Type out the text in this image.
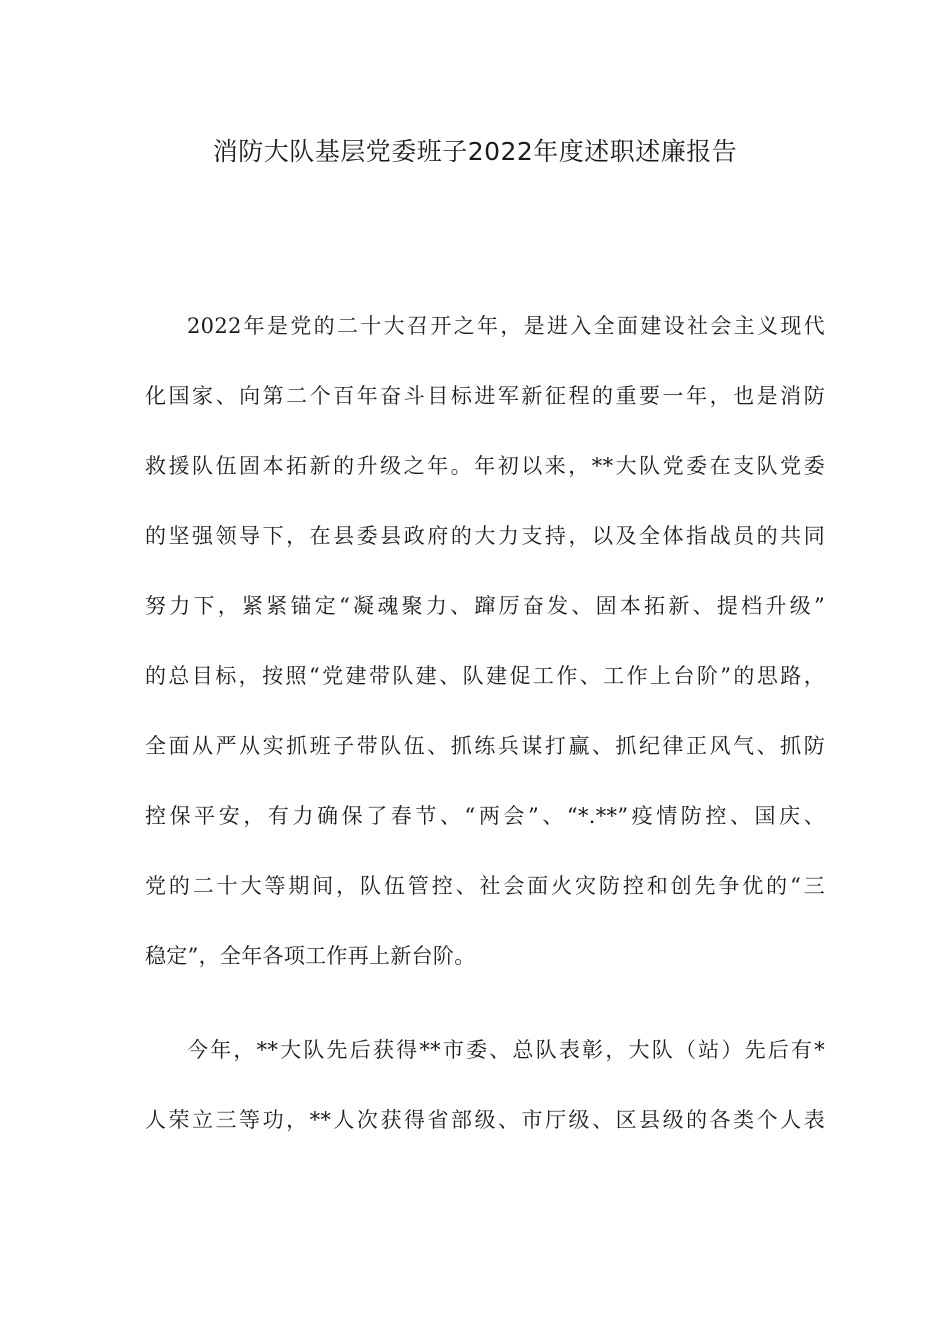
消防大队基层党委班子2022年度述职述廉报告
2022年是党的二十大召开之年，是进入全面建设社会主义现代
化国家、向第二个百年奋斗目标进军新征程的重要一年，也是消防
救援队伍固本拓新的升级之年。年初以来，**大队党委在支队党委
的坚强领导下，在县委县政府的大力支持，以及全体指战员的共同
努力下，紧紧锚定“凝魂聚力、蹿厉奋发、固本拓新、提档升级”
的总目标，按照“党建带队建、队建促工作、工作上台阶”的思路，
全面从严从实抓班子带队伍、抓练兵谋打赢、抓纪律正风气、抓防
控保平安，有力确保了春节、“两会”、“*.**”疫情防控、国庆、
党的二十大等期间，队伍管控、社会面火灾防控和创先争优的“三
稳定”，全年各项工作再上新台阶。
今年，**大队先后获得**市委、总队表彰，大队（站）先后有*
人荣立三等功，**人次获得省部级、市厅级、区县级的各类个人表
